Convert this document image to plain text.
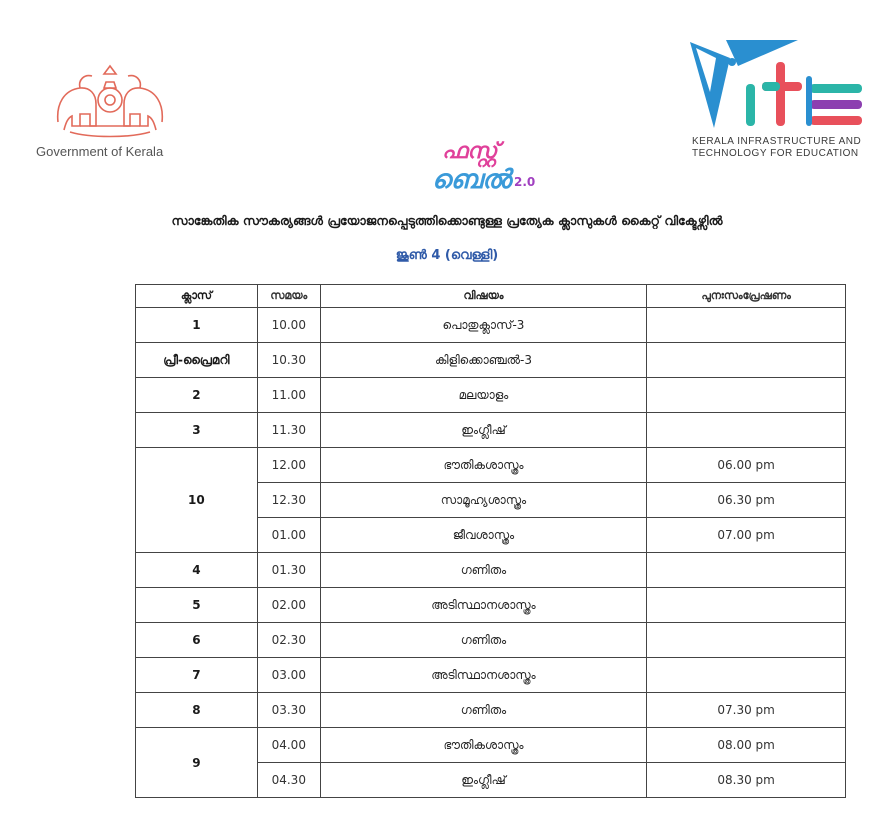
Government of Kerala
KERALA INFRASTRUCTURE AND
TECHNOLOGY FOR EDUCATION
ഫസ്റ്റ്
ബെൽ 2.0
സാങ്കേതിക സൗകര്യങ്ങൾ പ്രയോജനപ്പെടുത്തിക്കൊണ്ടുള്ള പ്രത്യേക ക്ലാസുകൾ കൈറ്റ് വിക്ടേഴ്സിൽ
ജൂൺ 4 (വെള്ളി)
ക്ലാസ്	സമയം	വിഷയം	പുനഃസംപ്രേഷണം
1	10.00	പൊതുക്ലാസ്-3	
പ്രീ-പ്രൈമറി	10.30	കിളിക്കൊഞ്ചൽ-3	
2	11.00	മലയാളം	
3	11.30	ഇംഗ്ലീഷ്	
10	12.00	ഭൗതികശാസ്ത്രം	06.00 pm
	12.30	സാമൂഹ്യശാസ്ത്രം	06.30 pm
	01.00	ജീവശാസ്ത്രം	07.00 pm
4	01.30	ഗണിതം	
5	02.00	അടിസ്ഥാനശാസ്ത്രം	
6	02.30	ഗണിതം	
7	03.00	അടിസ്ഥാനശാസ്ത്രം	
8	03.30	ഗണിതം	07.30 pm
9	04.00	ഭൗതികശാസ്ത്രം	08.00 pm
	04.30	ഇംഗ്ലീഷ്	08.30 pm
